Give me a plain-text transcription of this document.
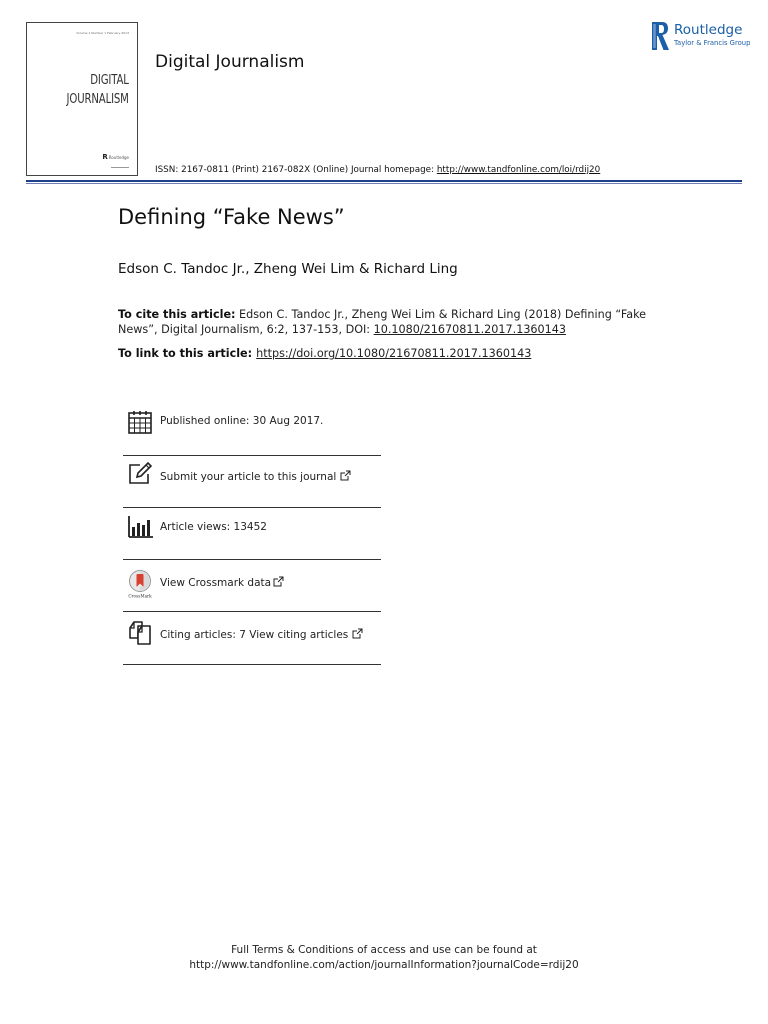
Volume 1 Number 1 February 2013
DIGITAL
JOURNALISM
R Routledge
Digital Journalism
ISSN: 2167-0811 (Print) 2167-082X (Online) Journal homepage: http://www.tandfonline.com/loi/rdij20
Routledge
Taylor & Francis Group
Defining “Fake News”
Edson C. Tandoc Jr., Zheng Wei Lim & Richard Ling
To cite this article: Edson C. Tandoc Jr., Zheng Wei Lim & Richard Ling (2018) Defining “Fake News”, Digital Journalism, 6:2, 137-153, DOI: 10.1080/21670811.2017.1360143
To link to this article: https://doi.org/10.1080/21670811.2017.1360143
Published online: 30 Aug 2017.
Submit your article to this journal
Article views: 13452
CrossMark
View Crossmark data
Citing articles: 7 View citing articles
Full Terms & Conditions of access and use can be found at
http://www.tandfonline.com/action/journalInformation?journalCode=rdij20
